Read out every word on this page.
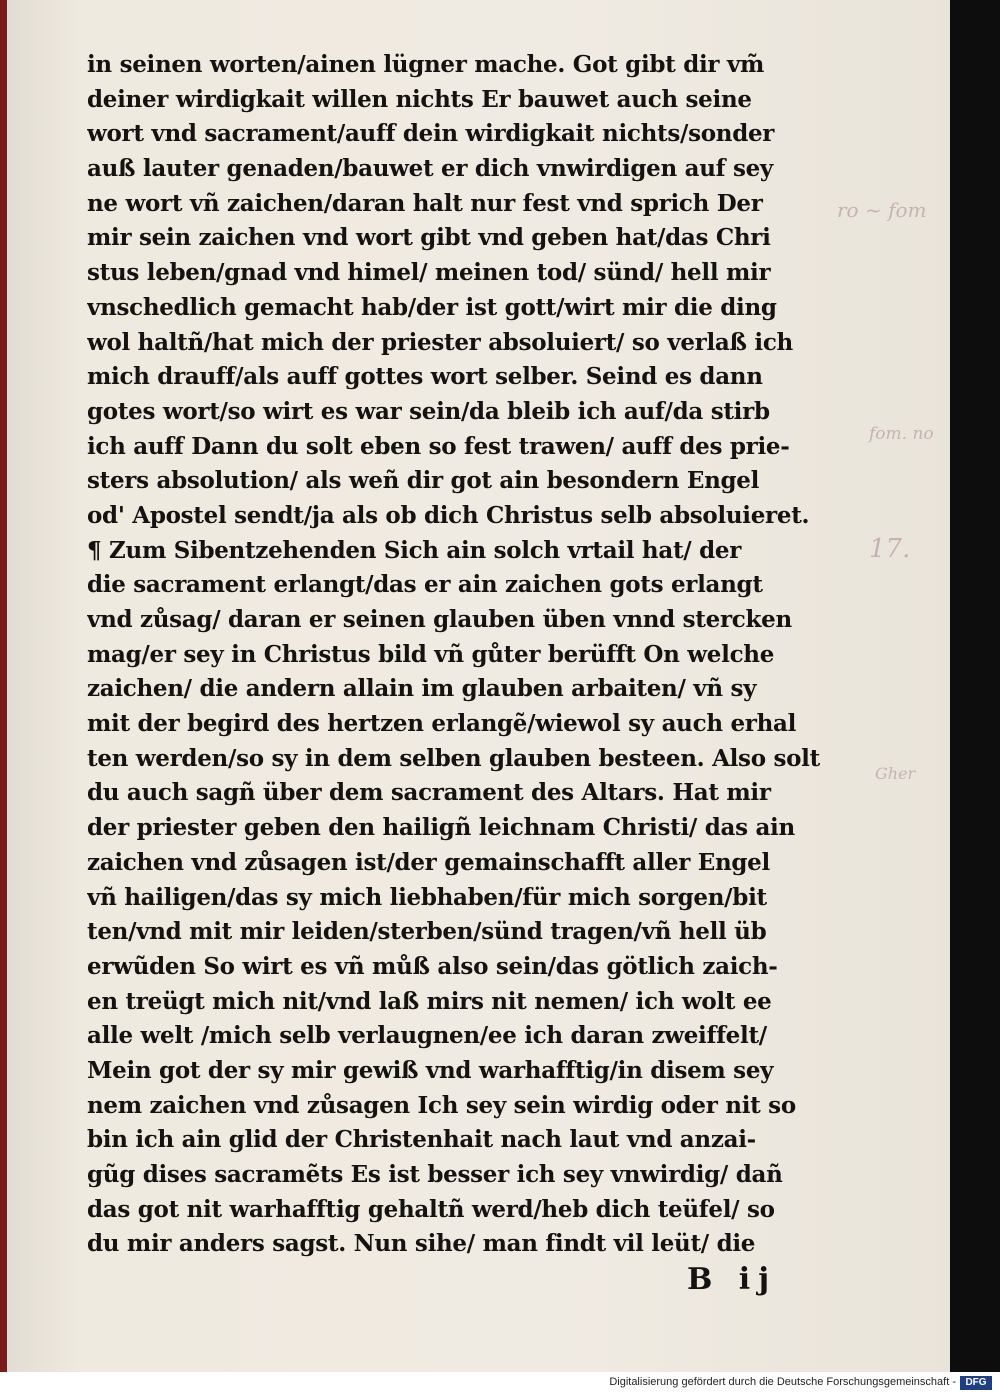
in seinen worten/ainen lügner mache. Got gibt dir vm̃
deiner wirdigkait willen nichts Er bauwet auch seine
wort vnd sacrament/auff dein wirdigkait nichts/sonder
auß lauter genaden/bauwet er dich vnwirdigen auf sey
ne wort vñ zaichen/daran halt nur fest vnd sprich Der
mir sein zaichen vnd wort gibt vnd geben hat/das Chri
stus leben/gnad vnd himel/ meinen tod/ sünd/ hell mir
vnschedlich gemacht hab/der ist gott/wirt mir die ding
wol haltñ/hat mich der priester absoluiert/ so verlaß ich
mich drauff/als auff gottes wort selber. Seind es dann
gotes wort/so wirt es war sein/da bleib ich auf/da stirb
ich auff Dann du solt eben so fest trawen/ auff des prie-
sters absolution/ als weñ dir got ain besondern Engel
od' Apostel sendt/ja als ob dich Christus selb absoluieret.
¶ Zum Sibentzehenden Sich ain solch vrtail hat/ der
die sacrament erlangt/das er ain zaichen gots erlangt
vnd zůsag/ daran er seinen glauben üben vnnd stercken
mag/er sey in Christus bild vñ gůter berüfft On welche
zaichen/ die andern allain im glauben arbaiten/ vñ sy
mit der begird des hertzen erlangẽ/wiewol sy auch erhal
ten werden/so sy in dem selben glauben besteen. Also solt
du auch sagñ über dem sacrament des Altars. Hat mir
der priester geben den hailigñ leichnam Christi/ das ain
zaichen vnd zůsagen ist/der gemainschafft aller Engel
vñ hailigen/das sy mich liebhaben/für mich sorgen/bit
ten/vnd mit mir leiden/sterben/sünd tragen/vñ hell üb
erwũden So wirt es vñ můß also sein/das götlich zaich-
en treügt mich nit/vnd laß mirs nit nemen/ ich wolt ee
alle welt /mich selb verlaugnen/ee ich daran zweiffelt/
Mein got der sy mir gewiß vnd warhafftig/in disem sey
nem zaichen vnd zůsagen Ich sey sein wirdig oder nit so
bin ich ain glid der Christenhait nach laut vnd anzai-
gũg dises sacramẽts Es ist besser ich sey vnwirdig/ dañ
das got nit warhafftig gehaltñ werd/heb dich teüfel/ so
du mir anders sagst. Nun sihe/ man findt vil leüt/ die
ro ~ fom
fom. no
17.
Gher
B ij
Digitalisierung gefördert durch die Deutsche Forschungsgemeinschaft - DFG
